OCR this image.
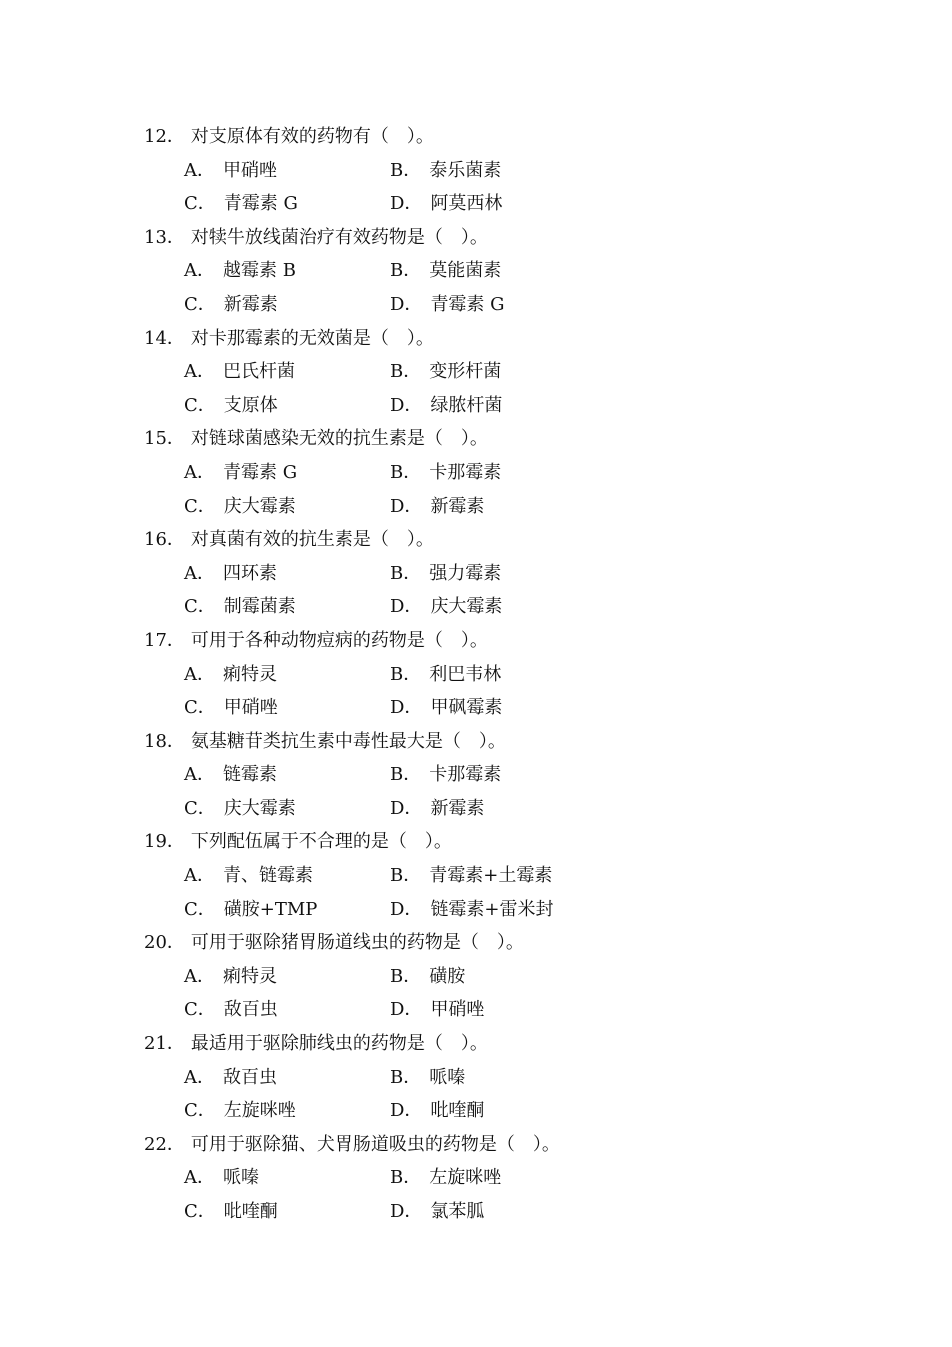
12． 对支原体有效的药物有（　）。
A． 甲硝唑	B． 泰乐菌素
C． 青霉素 G	D． 阿莫西林
13． 对犊牛放线菌治疗有效药物是（　）。
A． 越霉素 B	B． 莫能菌素
C． 新霉素	D． 青霉素 G
14． 对卡那霉素的无效菌是（　）。
A． 巴氏杆菌	B． 变形杆菌
C． 支原体	D． 绿脓杆菌
15． 对链球菌感染无效的抗生素是（　）。
A． 青霉素 G	B． 卡那霉素
C． 庆大霉素	D． 新霉素
16． 对真菌有效的抗生素是（　）。
A． 四环素	B． 强力霉素
C． 制霉菌素	D． 庆大霉素
17． 可用于各种动物痘病的药物是（　）。
A． 痢特灵	B． 利巴韦林
C． 甲硝唑	D． 甲砜霉素
18． 氨基糖苷类抗生素中毒性最大是（　）。
A． 链霉素	B． 卡那霉素
C． 庆大霉素	D． 新霉素
19． 下列配伍属于不合理的是（　）。
A． 青、链霉素	B． 青霉素+土霉素
C． 磺胺+TMP	D． 链霉素+雷米封
20． 可用于驱除猪胃肠道线虫的药物是（　）。
A． 痢特灵	B． 磺胺
C． 敌百虫	D． 甲硝唑
21． 最适用于驱除肺线虫的药物是（　）。
A． 敌百虫	B． 哌嗪
C． 左旋咪唑	D． 吡喹酮
22． 可用于驱除猫、犬胃肠道吸虫的药物是（　）。
A． 哌嗪	B． 左旋咪唑
C． 吡喹酮	D． 氯苯胍
